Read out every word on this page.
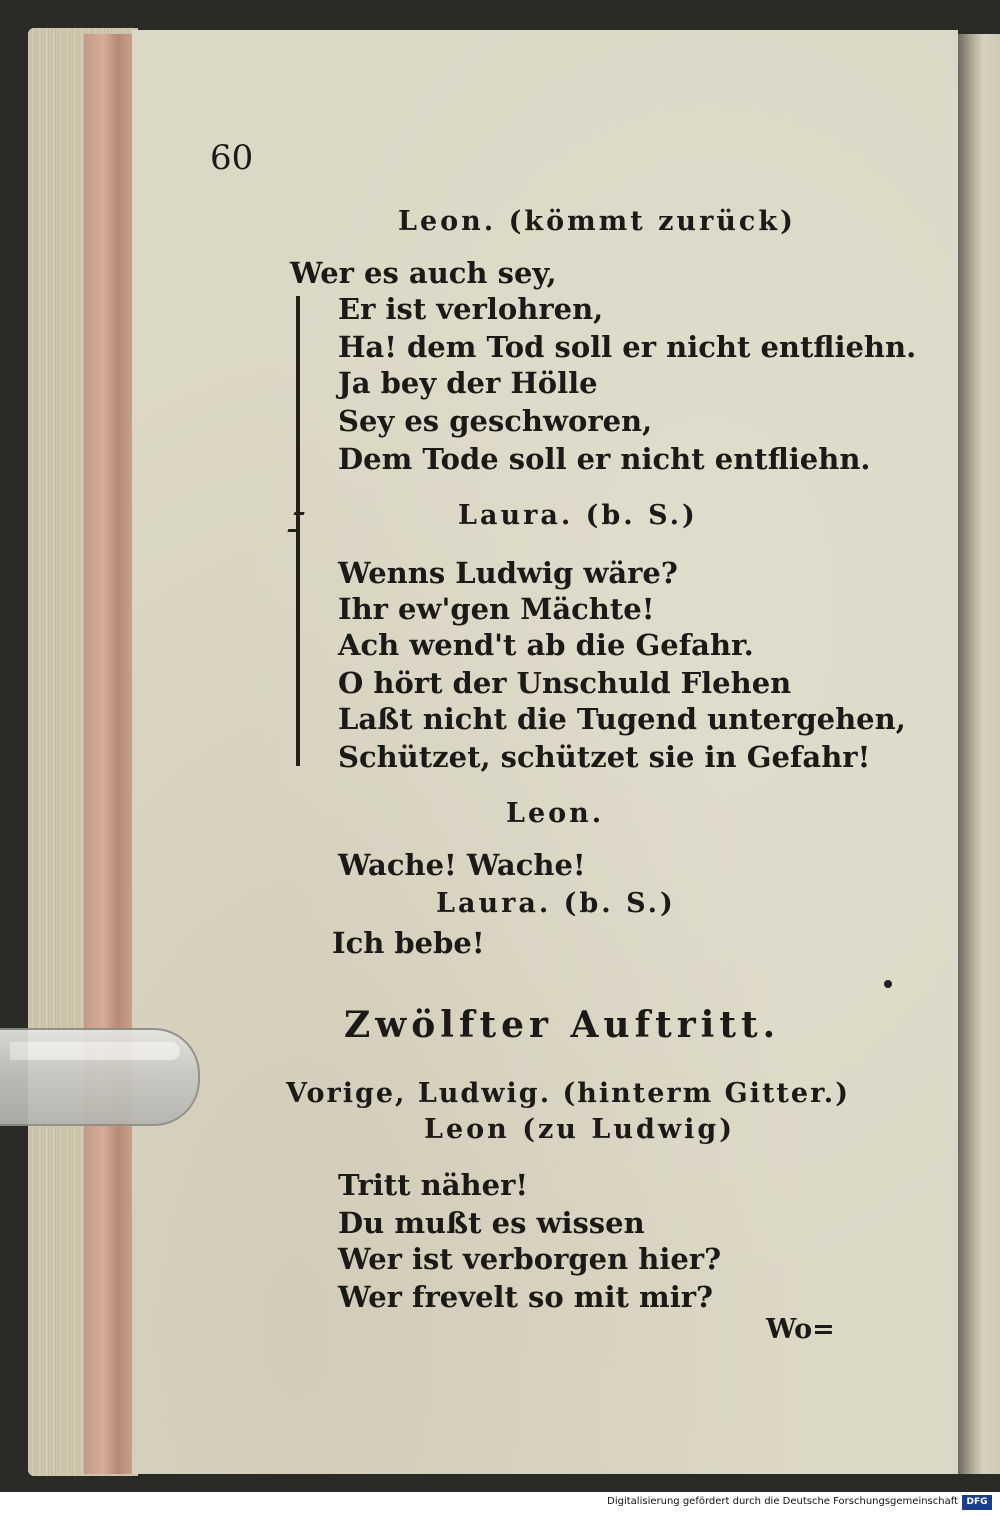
60
Leon. (kömmt zurück)
Wer es auch sey,
Er ist verlohren,
Ha! dem Tod soll er nicht entfliehn.
Ja bey der Hölle
Sey es geschworen,
Dem Tode soll er nicht entfliehn.
Laura. (b. S.)
Wenns Ludwig wäre?
Ihr ew'gen Mächte!
Ach wend't ab die Gefahr.
O hört der Unschuld Flehen
Laßt nicht die Tugend untergehen,
Schützet, schützet sie in Gefahr!
Leon.
Wache! Wache!
Laura. (b. S.)
Ich bebe!
Zwölfter Auftritt.
Vorige, Ludwig. (hinterm Gitter.)
Leon (zu Ludwig)
Tritt näher!
Du mußt es wissen
Wer ist verborgen hier?
Wer frevelt so mit mir?
Wo=
Digitalisierung gefördert durch die Deutsche Forschungsgemeinschaft DFG
